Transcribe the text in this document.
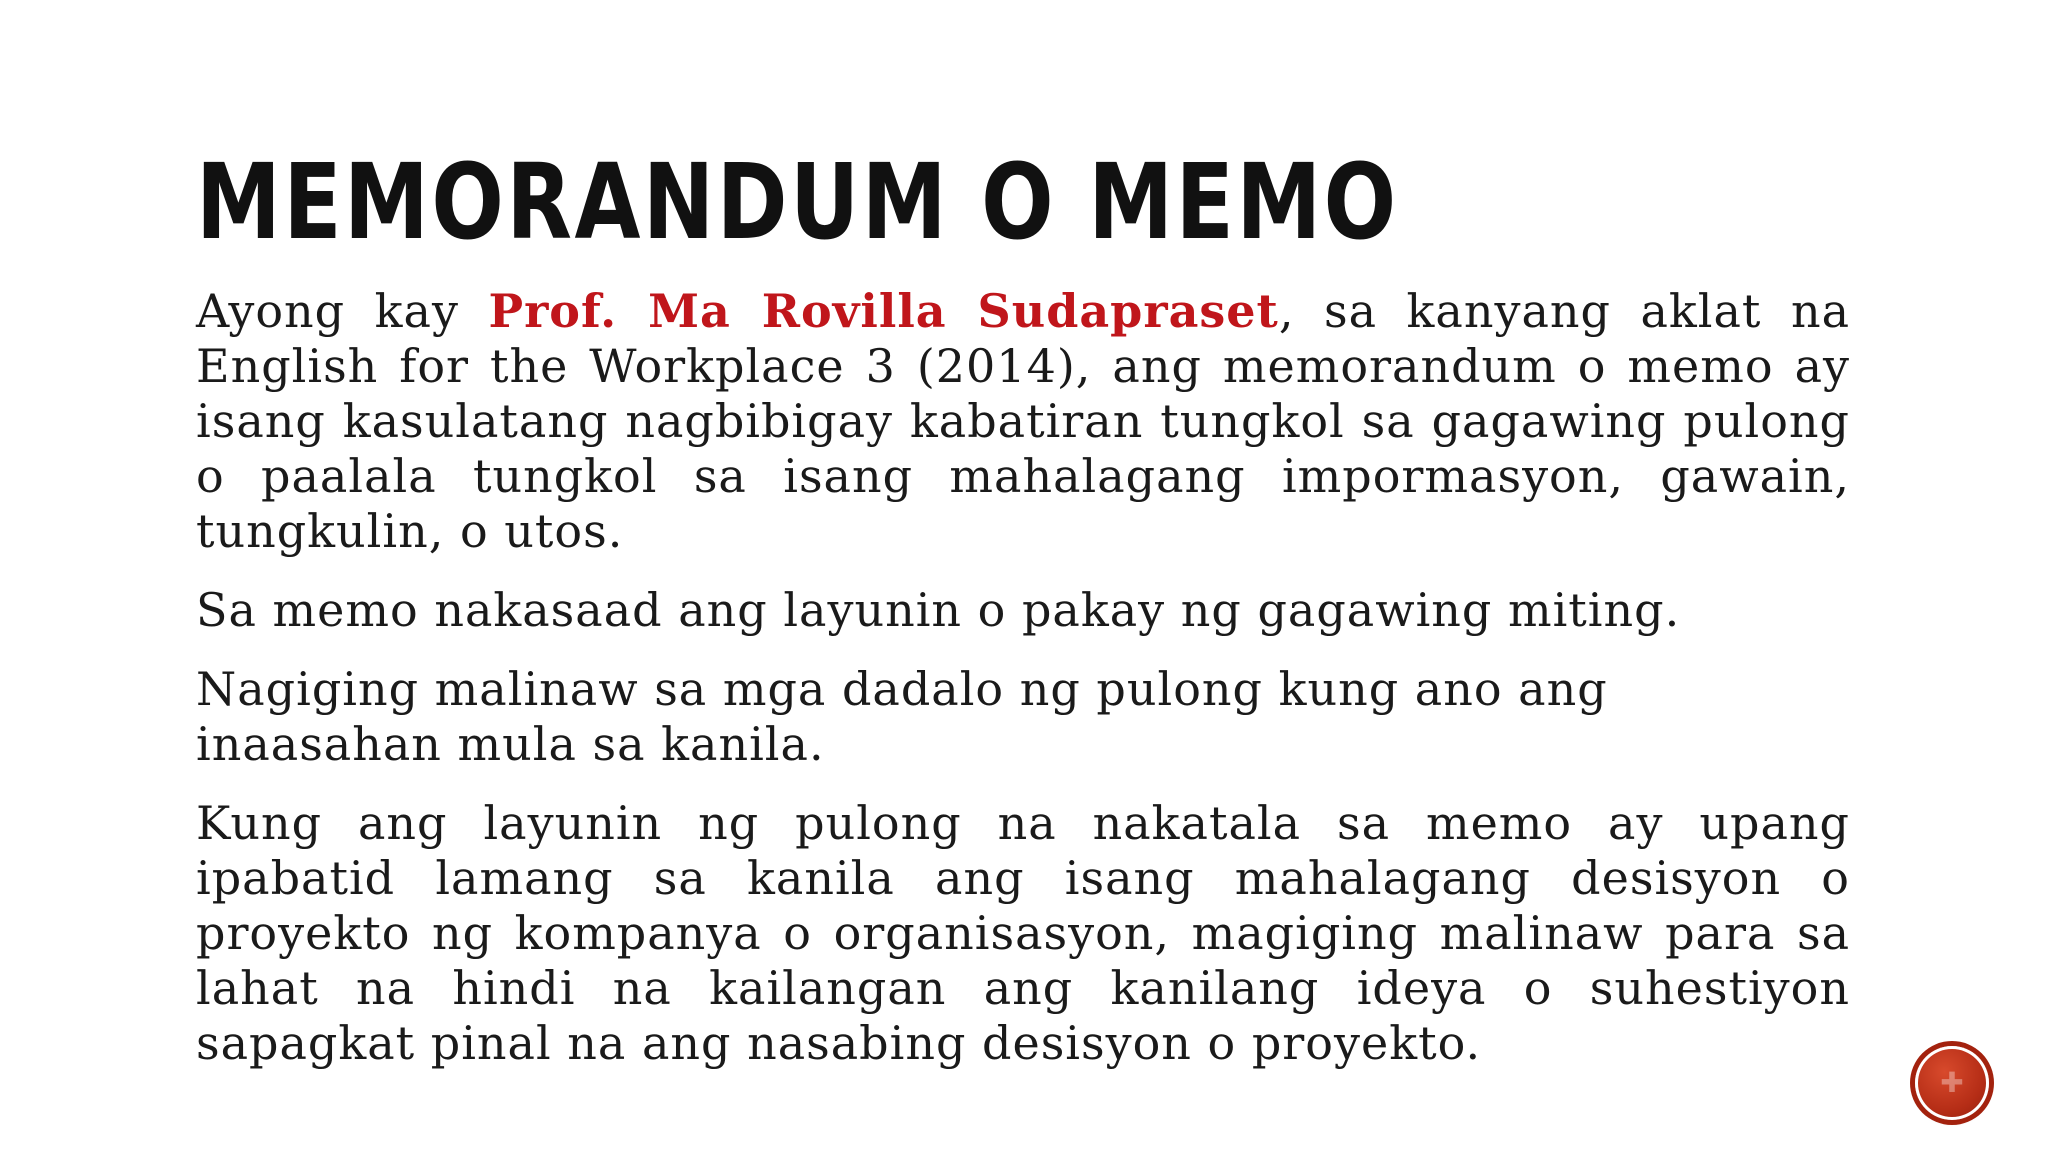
MEMORANDUM O MEMO

Ayong kay Prof. Ma Rovilla Sudapraset, sa kanyang aklat na English for the Workplace 3 (2014), ang memorandum o memo ay isang kasulatang nagbibigay kabatiran tungkol sa gagawing pulong o paalala tungkol sa isang mahalagang impormasyon, gawain, tungkulin, o utos.

Sa memo nakasaad ang layunin o pakay ng gagawing miting.

Nagiging malinaw sa mga dadalo ng pulong kung ano ang inaasahan mula sa kanila.

Kung ang layunin ng pulong na nakatala sa memo ay upang ipabatid lamang sa kanila ang isang mahalagang desisyon o proyekto ng kompanya o organisasyon, magiging malinaw para sa lahat na hindi na kailangan ang kanilang ideya o suhestiyon sapagkat pinal na ang nasabing desisyon o proyekto.

✚
